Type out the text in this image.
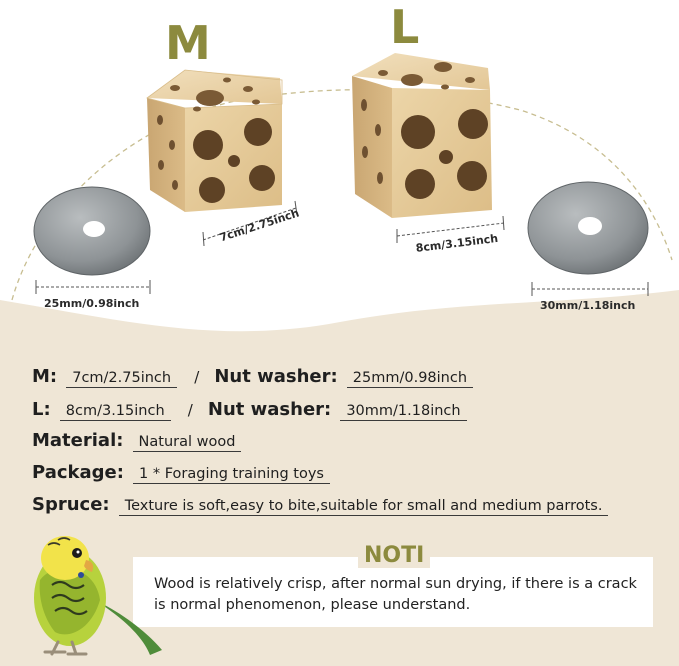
M	L
7cm/2.75inch	8cm/3.15inch
25mm/0.98inch	30mm/1.18inch
M: 7cm/2.75inch / Nut washer: 25mm/0.98inch
L: 8cm/3.15inch / Nut washer: 30mm/1.18inch
Material: Natural wood
Package: 1 * Foraging training toys
Spruce: Texture is soft,easy to bite,suitable for small and medium parrots.
NOTI
Wood is relatively crisp, after normal sun drying, if there is a crack is normal phenomenon, please understand.
